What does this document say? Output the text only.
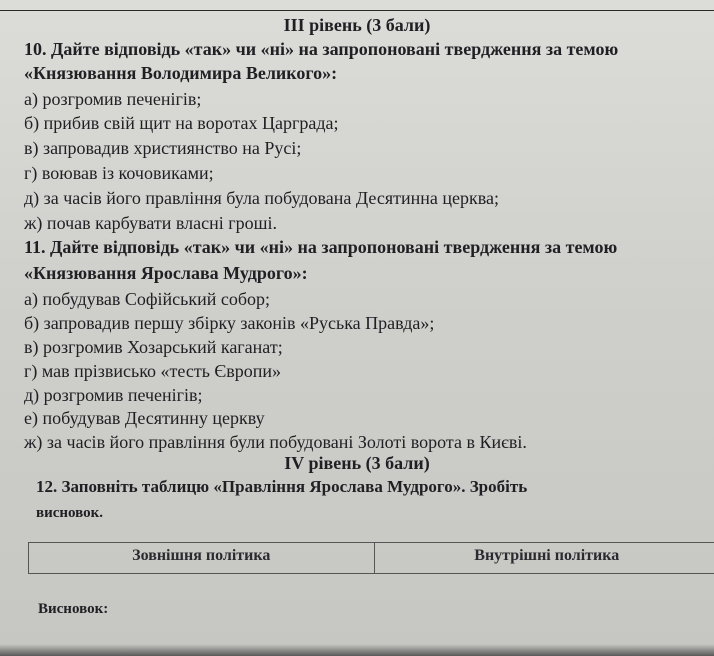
ІІІ рівень (3 бали)
10. Дайте відповідь «так» чи «ні» на запропоновані твердження за темою
«Князювання Володимира Великого»:
а) розгромив печенігів;
б) прибив свій щит на воротах Царграда;
в) запровадив християнство на Русі;
г) воював із кочовиками;
д) за часів його правління була побудована Десятинна церква;
ж) почав карбувати власні гроші.
11. Дайте відповідь «так» чи «ні» на запропоновані твердження за темою
«Князювання Ярослава Мудрого»:
а) побудував Софійський собор;
б) запровадив першу збірку законів «Руська Правда»;
в) розгромив Хозарський каганат;
г) мав прізвисько «тесть Європи»
д) розгромив печенігів;
е) побудував Десятинну церкву
ж) за часів його правління були побудовані Золоті ворота в Києві.
IV рівень (3 бали)
12. Заповніть таблицю «Правління Ярослава Мудрого». Зробіть
висновок.
Зовнішня політика	Внутрішні політика
Висновок:
